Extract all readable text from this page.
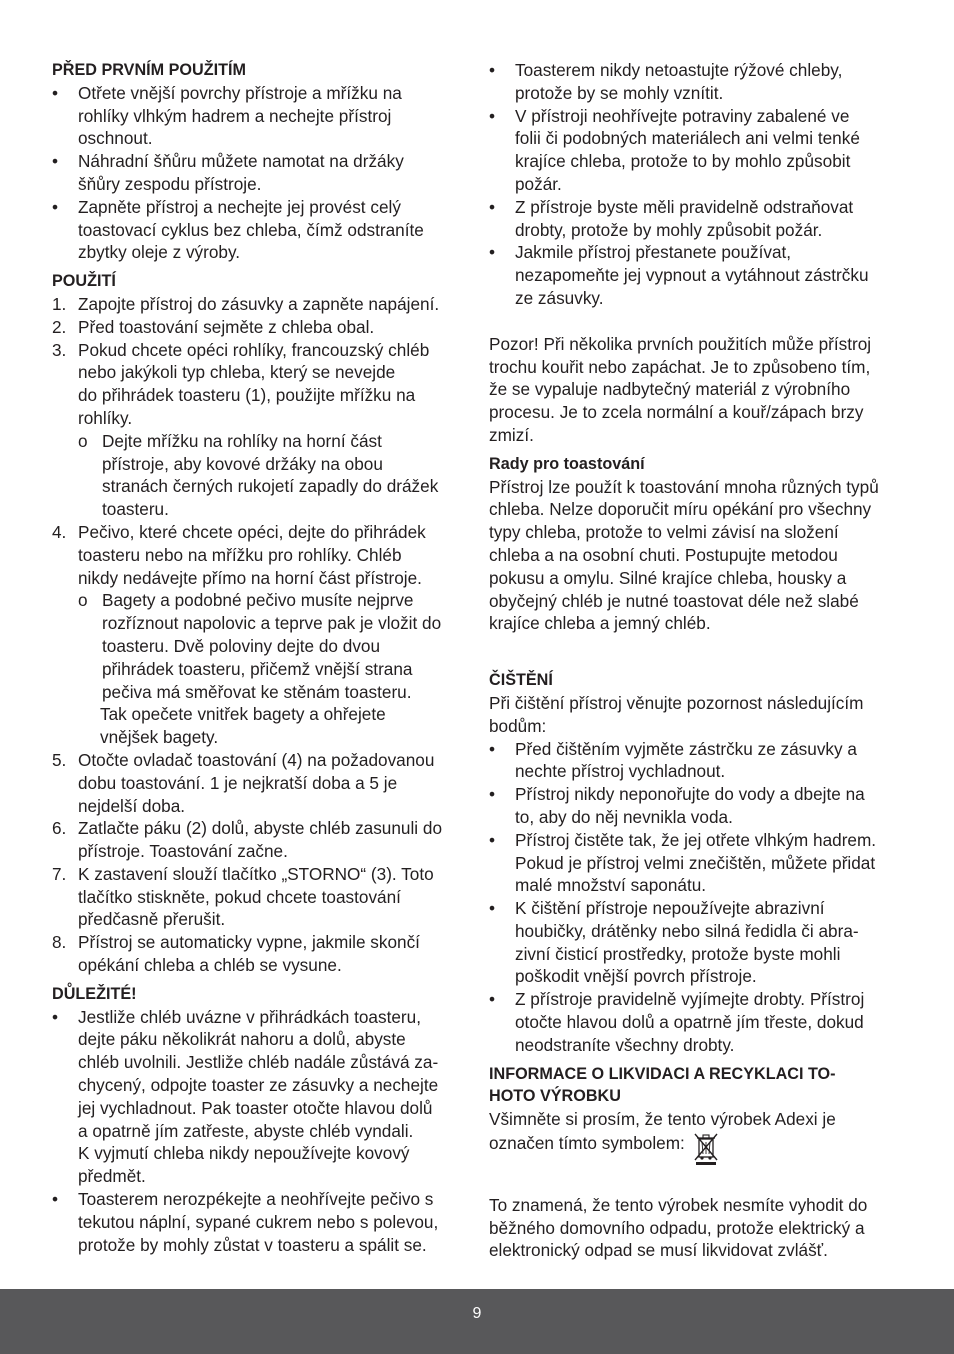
PŘED PRVNÍM POUŽITÍM
• Otřete vnější povrchy přístroje a mřížku na
rohlíky vlhkým hadrem a nechejte přístroj
oschnout.
• Náhradní šňůru můžete namotat na držáky
šňůry zespodu přístroje.
• Zapněte přístroj a nechejte jej provést celý
toastovací cyklus bez chleba, čímž odstraníte
zbytky oleje z výroby.
POUŽITÍ
1. Zapojte přístroj do zásuvky a zapněte napájení.
2. Před toastování sejměte z chleba obal.
3. Pokud chcete opéci rohlíky, francouzský chléb
nebo jakýkoli typ chleba, který se nevejde
do přihrádek toasteru (1), použijte mřížku na
rohlíky.
o Dejte mřížku na rohlíky na horní část
přístroje, aby kovové držáky na obou
stranách černých rukojetí zapadly do drážek
toasteru.
4. Pečivo, které chcete opéci, dejte do přihrádek
toasteru nebo na mřížku pro rohlíky. Chléb
nikdy nedávejte přímo na horní část přístroje.
o Bagety a podobné pečivo musíte nejprve
rozříznout napolovic a teprve pak je vložit do
toasteru. Dvě poloviny dejte do dvou
přihrádek toasteru, přičemž vnější strana
pečiva má směřovat ke stěnám toasteru.
Tak opečete vnitřek bagety a ohřejete
vnějšek bagety.
5. Otočte ovladač toastování (4) na požadovanou
dobu toastování. 1 je nejkratší doba a 5 je
nejdelší doba.
6. Zatlačte páku (2) dolů, abyste chléb zasunuli do
přístroje. Toastování začne.
7. K zastavení slouží tlačítko „STORNO“ (3). Toto
tlačítko stiskněte, pokud chcete toastování
předčasně přerušit.
8. Přístroj se automaticky vypne, jakmile skončí
opékání chleba a chléb se vysune.
DŮLEŽITÉ!
• Jestliže chléb uvázne v přihrádkách toasteru,
dejte páku několikrát nahoru a dolů, abyste
chléb uvolnili. Jestliže chléb nadále zůstává za-
chycený, odpojte toaster ze zásuvky a nechejte
jej vychladnout. Pak toaster otočte hlavou dolů
a opatrně jím zatřeste, abyste chléb vyndali.
K vyjmutí chleba nikdy nepoužívejte kovový
předmět.
• Toasterem nerozpékejte a neohřívejte pečivo s
tekutou náplní, sypané cukrem nebo s polevou,
protože by mohly zůstat v toasteru a spálit se.
• Toasterem nikdy netoastujte rýžové chleby,
protože by se mohly vznítit.
• V přístroji neohřívejte potraviny zabalené ve
folii či podobných materiálech ani velmi tenké
krajíce chleba, protože to by mohlo způsobit
požár.
• Z přístroje byste měli pravidelně odstraňovat
drobty, protože by mohly způsobit požár.
• Jakmile přístroj přestanete používat,
nezapomeňte jej vypnout a vytáhnout zástrčku
ze zásuvky.
Pozor! Při několika prvních použitích může přístroj
trochu kouřit nebo zapáchat. Je to způsobeno tím,
že se vypaluje nadbytečný materiál z výrobního
procesu. Je to zcela normální a kouř/zápach brzy
zmizí.
Rady pro toastování
Přístroj lze použít k toastování mnoha různých typů
chleba. Nelze doporučit míru opékání pro všechny
typy chleba, protože to velmi závisí na složení
chleba a na osobní chuti. Postupujte metodou
pokusu a omylu. Silné krajíce chleba, housky a
obyčejný chléb je nutné toastovat déle než slabé
krajíce chleba a jemný chléb.
ČIŠTĚNÍ
Při čištění přístroj věnujte pozornost následujícím
bodům:
• Před čištěním vyjměte zástrčku ze zásuvky a
nechte přístroj vychladnout.
• Přístroj nikdy neponořujte do vody a dbejte na
to, aby do něj nevnikla voda.
• Přístroj čistěte tak, že jej otřete vlhkým hadrem.
Pokud je přístroj velmi znečištěn, můžete přidat
malé množství saponátu.
• K čištění přístroje nepoužívejte abrazivní
houbičky, drátěnky nebo silná ředidla či abra-
zivní čisticí prostředky, protože byste mohli
poškodit vnější povrch přístroje.
• Z přístroje pravidelně vyjímejte drobty. Přístroj
otočte hlavou dolů a opatrně jím třeste, dokud
neodstraníte všechny drobty.
INFORMACE O LIKVIDACI A RECYKLACI TO-
HOTO VÝROBKU
Všimněte si prosím, že tento výrobek Adexi je
označen tímto symbolem:
To znamená, že tento výrobek nesmíte vyhodit do
běžného domovního odpadu, protože elektrický a
elektronický odpad se musí likvidovat zvlášť.
9
